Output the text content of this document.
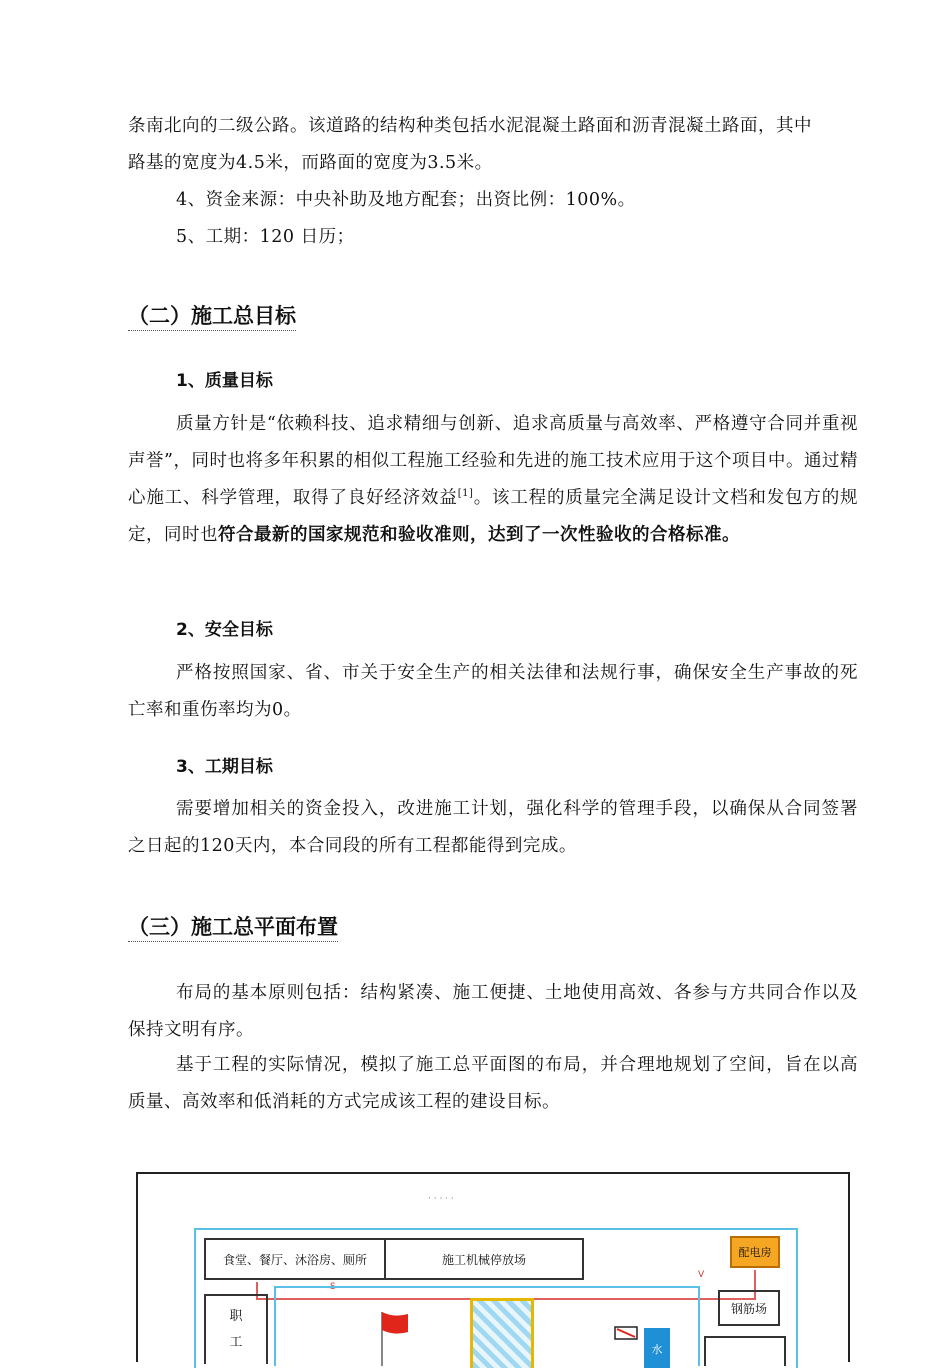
条南北向的二级公路。该道路的结构种类包括水泥混凝土路面和沥青混凝土路面，其中
路基的宽度为4.5米，而路面的宽度为3.5米。

4、资金来源：中央补助及地方配套；出资比例：100%。

5、工期：120 日历；

（二）施工总目标
1、质量目标

质量方针是“依赖科技、追求精细与创新、追求高质量与高效率、严格遵守合同并重视声誉”，同时也将多年积累的相似工程施工经验和先进的施工技术应用于这个项目中。通过精心施工、科学管理，取得了良好经济效益[1]。该工程的质量完全满足设计文档和发包方的规定，同时也符合最新的国家规范和验收准则，达到了一次性验收的合格标准。

2、安全目标

严格按照国家、省、市关于安全生产的相关法律和法规行事，确保安全生产事故的死亡率和重伤率均为0。

3、工期目标

需要增加相关的资金投入，改进施工计划，强化科学的管理手段，以确保从合同签署之日起的120天内，本合同段的所有工程都能得到完成。

（三）施工总平面布置

布局的基本原则包括：结构紧凑、施工便捷、土地使用高效、各参与方共同合作以及保持文明有序。

基于工程的实际情况，模拟了施工总平面图的布局，并合理地规划了空间，旨在以高质量、高效率和低消耗的方式完成该工程的建设目标。

· · · · ·
食堂、餐厅、沐浴房、厕所	施工机械停放场	配电房
S
V
职
工
钢筋场
水
